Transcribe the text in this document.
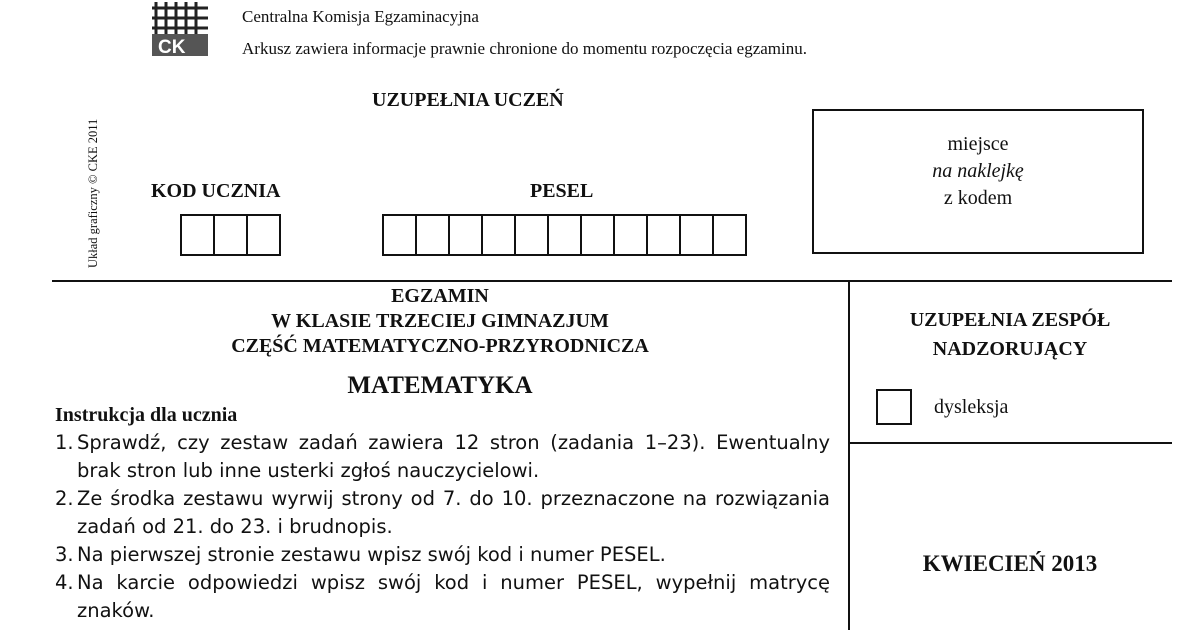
CK
Centralna Komisja Egzaminacyjna
Arkusz zawiera informacje prawnie chronione do momentu rozpoczęcia egzaminu.
Układ graficzny © CKE 2011
UZUPEŁNIA UCZEŃ
KOD UCZNIA	PESEL
miejsce
na naklejkę
z kodem
EGZAMIN
W KLASIE TRZECIEJ GIMNAZJUM
CZĘŚĆ MATEMATYCZNO-PRZYRODNICZA
MATEMATYKA
Instrukcja dla ucznia
1. Sprawdź, czy zestaw zadań zawiera 12 stron (zadania 1–23). Ewentualny brak stron lub inne usterki zgłoś nauczycielowi.
2. Ze środka zestawu wyrwij strony od 7. do 10. przeznaczone na rozwiązania zadań od 21. do 23. i brudnopis.
3. Na pierwszej stronie zestawu wpisz swój kod i numer PESEL.
4. Na karcie odpowiedzi wpisz swój kod i numer PESEL, wypełnij matrycę znaków.
UZUPEŁNIA ZESPÓŁ
NADZORUJĄCY
dysleksja
KWIECIEŃ 2013
